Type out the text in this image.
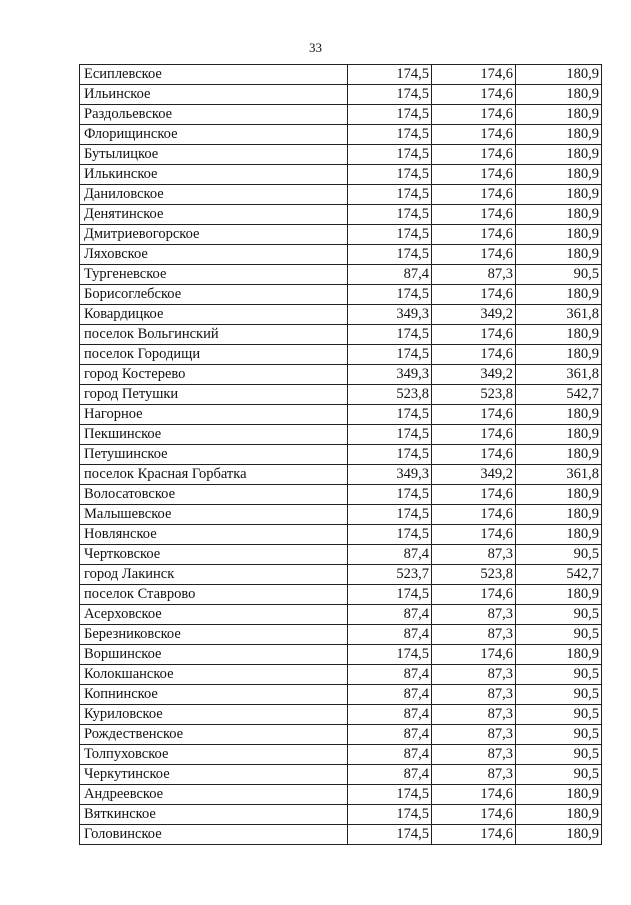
33
Есиплевское	174,5	174,6	180,9
Ильинское	174,5	174,6	180,9
Раздольевское	174,5	174,6	180,9
Флорищинское	174,5	174,6	180,9
Бутылицкое	174,5	174,6	180,9
Илькинское	174,5	174,6	180,9
Даниловское	174,5	174,6	180,9
Денятинское	174,5	174,6	180,9
Дмитриевогорское	174,5	174,6	180,9
Ляховское	174,5	174,6	180,9
Тургеневское	87,4	87,3	90,5
Борисоглебское	174,5	174,6	180,9
Ковардицкое	349,3	349,2	361,8
поселок Вольгинский	174,5	174,6	180,9
поселок Городищи	174,5	174,6	180,9
город Костерево	349,3	349,2	361,8
город Петушки	523,8	523,8	542,7
Нагорное	174,5	174,6	180,9
Пекшинское	174,5	174,6	180,9
Петушинское	174,5	174,6	180,9
поселок Красная Горбатка	349,3	349,2	361,8
Волосатовское	174,5	174,6	180,9
Малышевское	174,5	174,6	180,9
Новлянское	174,5	174,6	180,9
Чертковское	87,4	87,3	90,5
город Лакинск	523,7	523,8	542,7
поселок Ставрово	174,5	174,6	180,9
Асерховское	87,4	87,3	90,5
Березниковское	87,4	87,3	90,5
Воршинское	174,5	174,6	180,9
Колокшанское	87,4	87,3	90,5
Копнинское	87,4	87,3	90,5
Куриловское	87,4	87,3	90,5
Рождественское	87,4	87,3	90,5
Толпуховское	87,4	87,3	90,5
Черкутинское	87,4	87,3	90,5
Андреевское	174,5	174,6	180,9
Вяткинское	174,5	174,6	180,9
Головинское	174,5	174,6	180,9
